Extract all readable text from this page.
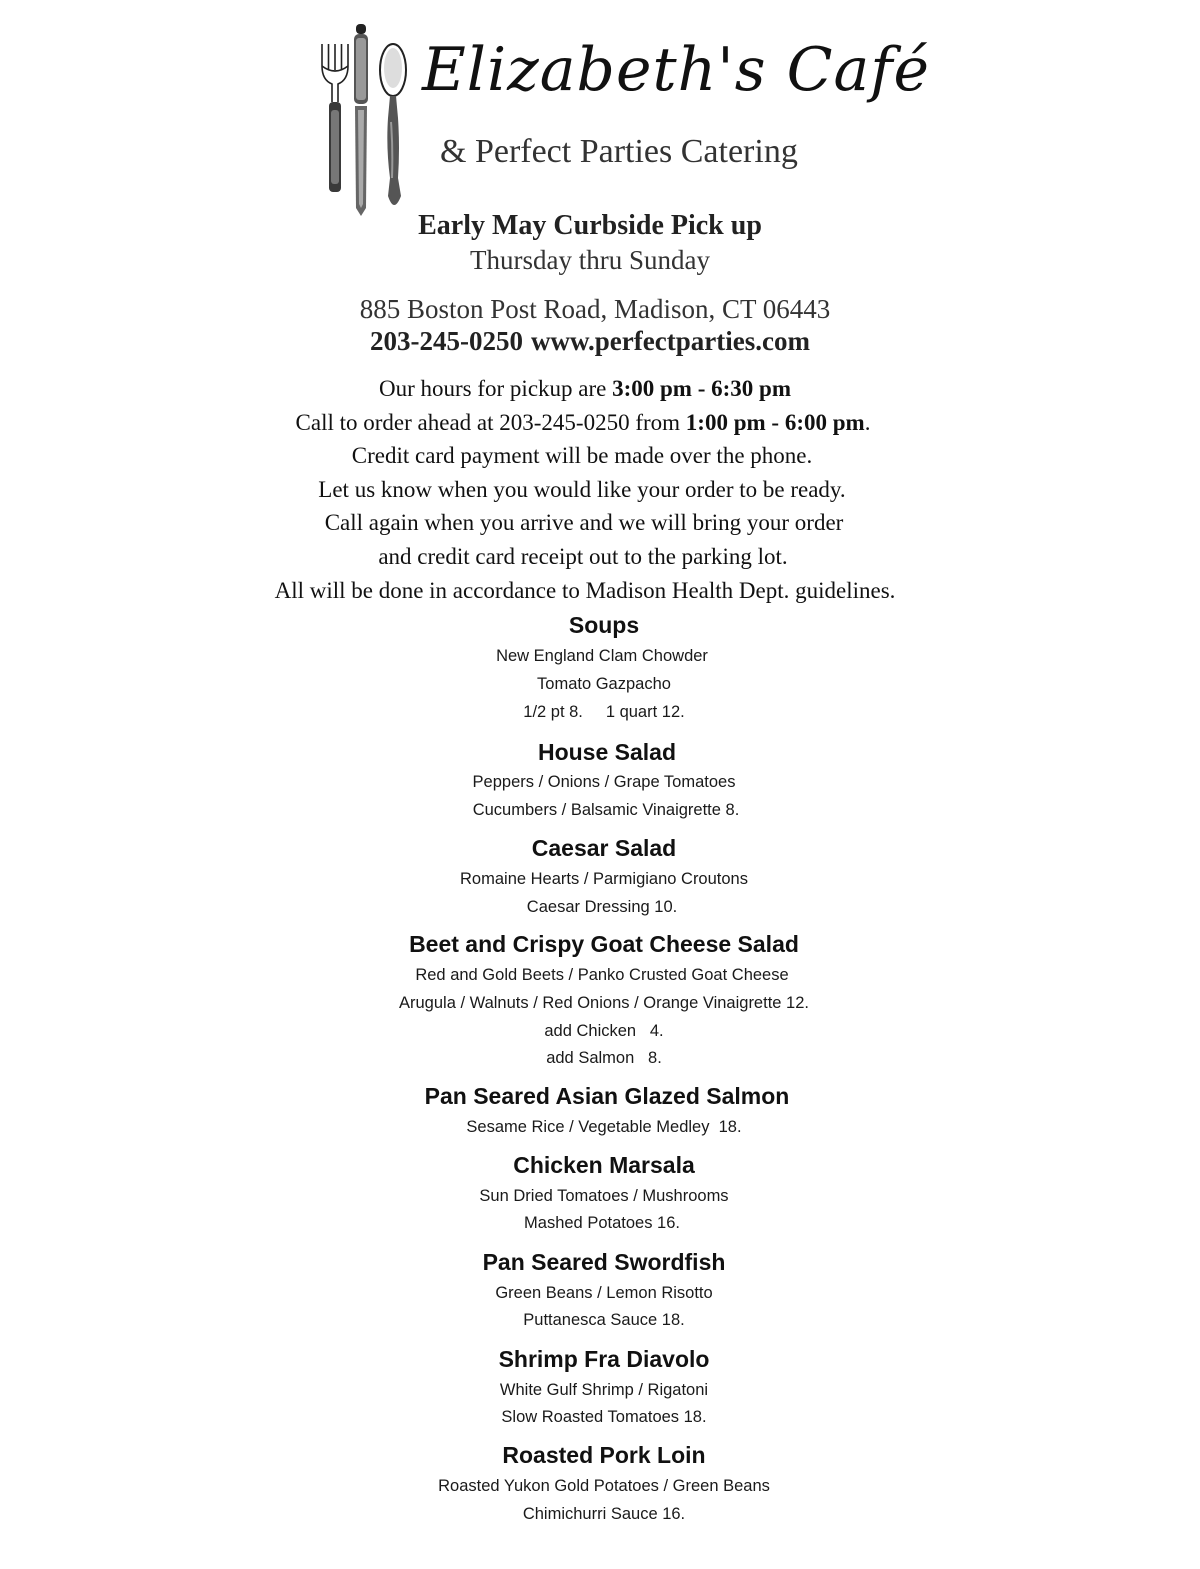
Elizabeth's Café
& Perfect Parties Catering
Early May Curbside Pick up
Thursday thru Sunday
885 Boston Post Road, Madison, CT 06443
203-245-0250 www.perfectparties.com
Our hours for pickup are 3:00 pm - 6:30 pm
Call to order ahead at 203-245-0250 from 1:00 pm - 6:00 pm.
Credit card payment will be made over the phone.
Let us know when you would like your order to be ready.
Call again when you arrive and we will bring your order
and credit card receipt out to the parking lot.
All will be done in accordance to Madison Health Dept. guidelines.
Soups
New England Clam Chowder
Tomato Gazpacho
1/2 pt 8.     1 quart 12.
House Salad
Peppers / Onions / Grape Tomatoes
Cucumbers / Balsamic Vinaigrette 8.
Caesar Salad
Romaine Hearts / Parmigiano Croutons
Caesar Dressing 10.
Beet and Crispy Goat Cheese Salad
Red and Gold Beets / Panko Crusted Goat Cheese
Arugula / Walnuts / Red Onions / Orange Vinaigrette 12.
add Chicken   4.
add Salmon   8.
Pan Seared Asian Glazed Salmon
Sesame Rice / Vegetable Medley  18.
Chicken Marsala
Sun Dried Tomatoes / Mushrooms
Mashed Potatoes 16.
Pan Seared Swordfish
Green Beans / Lemon Risotto
Puttanesca Sauce 18.
Shrimp Fra Diavolo
White Gulf Shrimp / Rigatoni
Slow Roasted Tomatoes 18.
Roasted Pork Loin
Roasted Yukon Gold Potatoes / Green Beans
Chimichurri Sauce 16.
